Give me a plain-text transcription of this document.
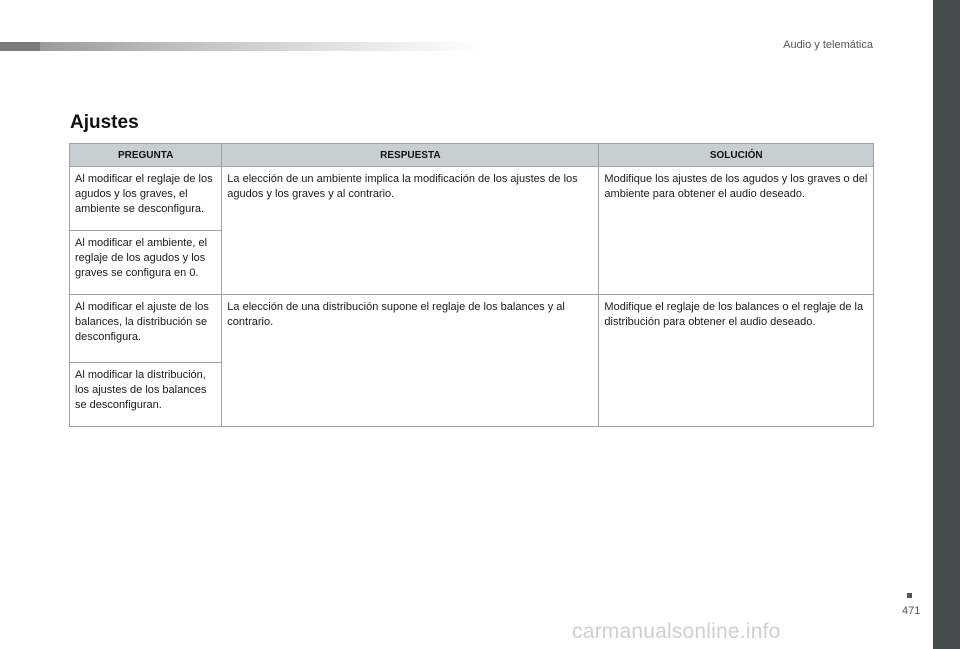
Audio y telemática
Ajustes
PREGUNTA	RESPUESTA	SOLUCIÓN
Al modificar el reglaje de los agudos y los graves, el ambiente se desconfigura.	La elección de un ambiente implica la modificación de los ajustes de los agudos y los graves y al contrario.	Modifique los ajustes de los agudos y los graves o del ambiente para obtener el audio deseado.
Al modificar el ambiente, el reglaje de los agudos y los graves se configura en 0.		
Al modificar el ajuste de los balances, la distribución se desconfigura.	La elección de una distribución supone el reglaje de los balances y al contrario.	Modifique el reglaje de los balances o el reglaje de la distribución para obtener el audio deseado.
Al modificar la distribución, los ajustes de los balances se desconfiguran.		
471
carmanualsonline.info
